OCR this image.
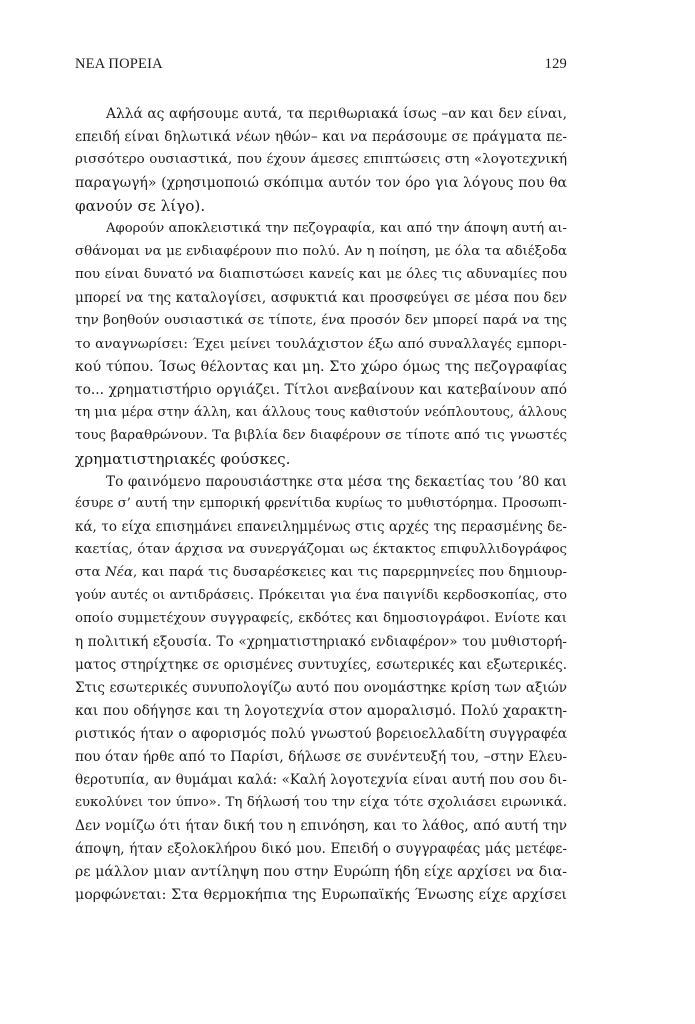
ΝΕΑ ΠΟΡΕΙΑ	129
Αλλά ας αφήσουμε αυτά, τα περιθωριακά ίσως –αν και δεν είναι,
επειδή είναι δηλωτικά νέων ηθών– και να περάσουμε σε πράγματα πε-
ρισσότερο ουσιαστικά, που έχουν άμεσες επιπτώσεις στη «λογοτεχνική
παραγωγή» (χρησιμοποιώ σκόπιμα αυτόν τον όρο για λόγους που θα
φανούν σε λίγο).
Αφορούν αποκλειστικά την πεζογραφία, και από την άποψη αυτή αι-
σθάνομαι να με ενδιαφέρουν πιο πολύ. Αν η ποίηση, με όλα τα αδιέξοδα
που είναι δυνατό να διαπιστώσει κανείς και με όλες τις αδυναμίες που
μπορεί να της καταλογίσει, ασφυκτιά και προσφεύγει σε μέσα που δεν
την βοηθούν ουσιαστικά σε τίποτε, ένα προσόν δεν μπορεί παρά να της
το αναγνωρίσει: Έχει μείνει τουλάχιστον έξω από συναλλαγές εμπορι-
κού τύπου. Ίσως θέλοντας και μη. Στο χώρο όμως της πεζογραφίας
το... χρηματιστήριο οργιάζει. Τίτλοι ανεβαίνουν και κατεβαίνουν από
τη μια μέρα στην άλλη, και άλλους τους καθιστούν νεόπλουτους, άλλους
τους βαραθρώνουν. Τα βιβλία δεν διαφέρουν σε τίποτε από τις γνωστές
χρηματιστηριακές φούσκες.
Το φαινόμενο παρουσιάστηκε στα μέσα της δεκαετίας του ’80 και
έσυρε σ’ αυτή την εμπορική φρενίτιδα κυρίως το μυθιστόρημα. Προσωπι-
κά, το είχα επισημάνει επανειλημμένως στις αρχές της περασμένης δε-
καετίας, όταν άρχισα να συνεργάζομαι ως έκτακτος επιφυλλιδογράφος
στα Νέα, και παρά τις δυσαρέσκειες και τις παρερμηνείες που δημιουρ-
γούν αυτές οι αντιδράσεις. Πρόκειται για ένα παιγνίδι κερδοσκοπίας, στο
οποίο συμμετέχουν συγγραφείς, εκδότες και δημοσιογράφοι. Ενίοτε και
η πολιτική εξουσία. Το «χρηματιστηριακό ενδιαφέρον» του μυθιστορή-
ματος στηρίχτηκε σε ορισμένες συντυχίες, εσωτερικές και εξωτερικές.
Στις εσωτερικές συνυπολογίζω αυτό που ονομάστηκε κρίση των αξιών
και που οδήγησε και τη λογοτεχνία στον αμοραλισμό. Πολύ χαρακτη-
ριστικός ήταν ο αφορισμός πολύ γνωστού βορειοελλαδίτη συγγραφέα
που όταν ήρθε από το Παρίσι, δήλωσε σε συνέντευξή του, –στην Ελευ-
θεροτυπία, αν θυμάμαι καλά: «Καλή λογοτεχνία είναι αυτή που σου δι-
ευκολύνει τον ύπνο». Τη δήλωσή του την είχα τότε σχολιάσει ειρωνικά.
Δεν νομίζω ότι ήταν δική του η επινόηση, και το λάθος, από αυτή την
άποψη, ήταν εξολοκλήρου δικό μου. Επειδή ο συγγραφέας μάς μετέφε-
ρε μάλλον μιαν αντίληψη που στην Ευρώπη ήδη είχε αρχίσει να δια-
μορφώνεται: Στα θερμοκήπια της Ευρωπαϊκής Ένωσης είχε αρχίσει
